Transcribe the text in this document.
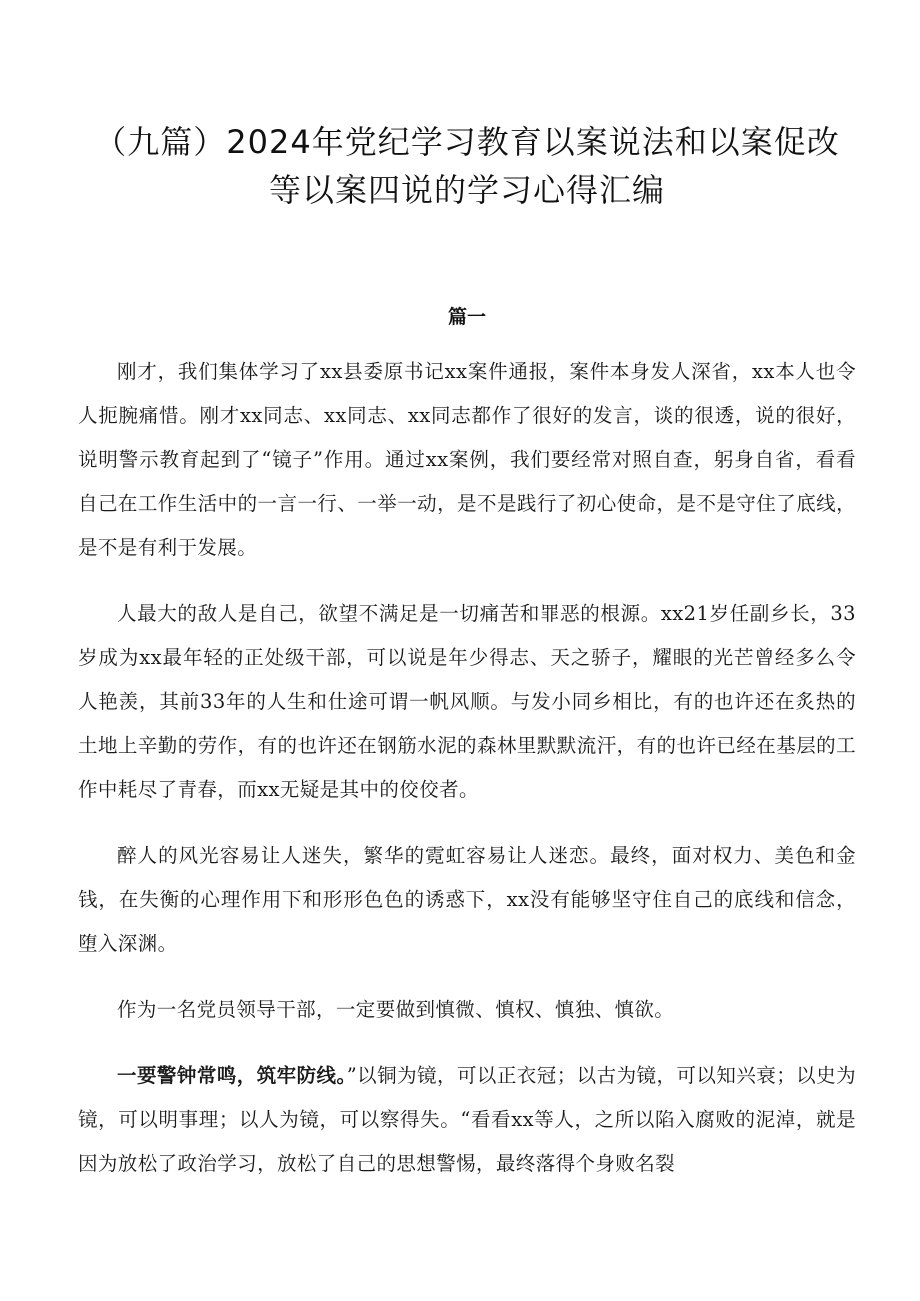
（九篇）2024年党纪学习教育以案说法和以案促改
等以案四说的学习心得汇编
篇一

刚才，我们集体学习了xx县委原书记xx案件通报，案件本身发人深省，xx本人也令人扼腕痛惜。刚才xx同志、xx同志、xx同志都作了很好的发言，谈的很透，说的很好，说明警示教育起到了“镜子”作用。通过xx案例，我们要经常对照自查，躬身自省，看看自己在工作生活中的一言一行、一举一动，是不是践行了初心使命，是不是守住了底线，是不是有利于发展。

人最大的敌人是自己，欲望不满足是一切痛苦和罪恶的根源。xx21岁任副乡长，33岁成为xx最年轻的正处级干部，可以说是年少得志、天之骄子，耀眼的光芒曾经多么令人艳羡，其前33年的人生和仕途可谓一帆风顺。与发小同乡相比，有的也许还在炙热的土地上辛勤的劳作，有的也许还在钢筋水泥的森林里默默流汗，有的也许已经在基层的工作中耗尽了青春，而xx无疑是其中的佼佼者。

醉人的风光容易让人迷失，繁华的霓虹容易让人迷恋。最终，面对权力、美色和金钱，在失衡的心理作用下和形形色色的诱惑下，xx没有能够坚守住自己的底线和信念，堕入深渊。

作为一名党员领导干部，一定要做到慎微、慎权、慎独、慎欲。

一要警钟常鸣，筑牢防线。”以铜为镜，可以正衣冠；以古为镜，可以知兴衰；以史为镜，可以明事理；以人为镜，可以察得失。“看看xx等人，之所以陷入腐败的泥淖，就是因为放松了政治学习，放松了自己的思想警惕，最终落得个身败名裂
